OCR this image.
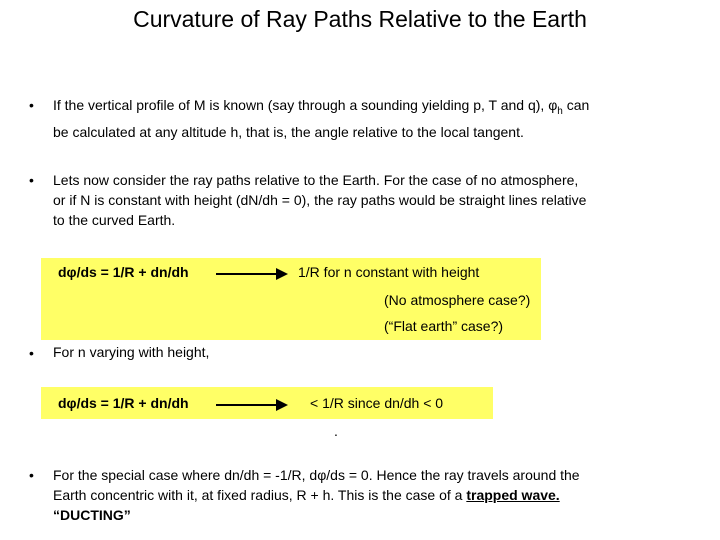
Curvature of Ray Paths Relative to the Earth
• If the vertical profile of M is known (say through a sounding yielding p, T and q), $\varphi_h$ can
be calculated at any altitude h, that is, the angle relative to the local tangent.
• Lets now consider the ray paths relative to the Earth. For the case of no atmosphere,
or if N is constant with height (dN/dh = 0), the ray paths would be straight lines relative
to the curved Earth.
dφ/ds = 1/R + dn/dh	1/R for n constant with height
(No atmosphere case?)
(“Flat earth” case?)
• For n varying with height,
dφ/ds = 1/R + dn/dh	< 1/R since dn/dh < 0
.
• For the special case where dn/dh = -1/R, dφ/ds = 0. Hence the ray travels around the
Earth concentric with it, at fixed radius, R + h. This is the case of a trapped wave.
“DUCTING”
